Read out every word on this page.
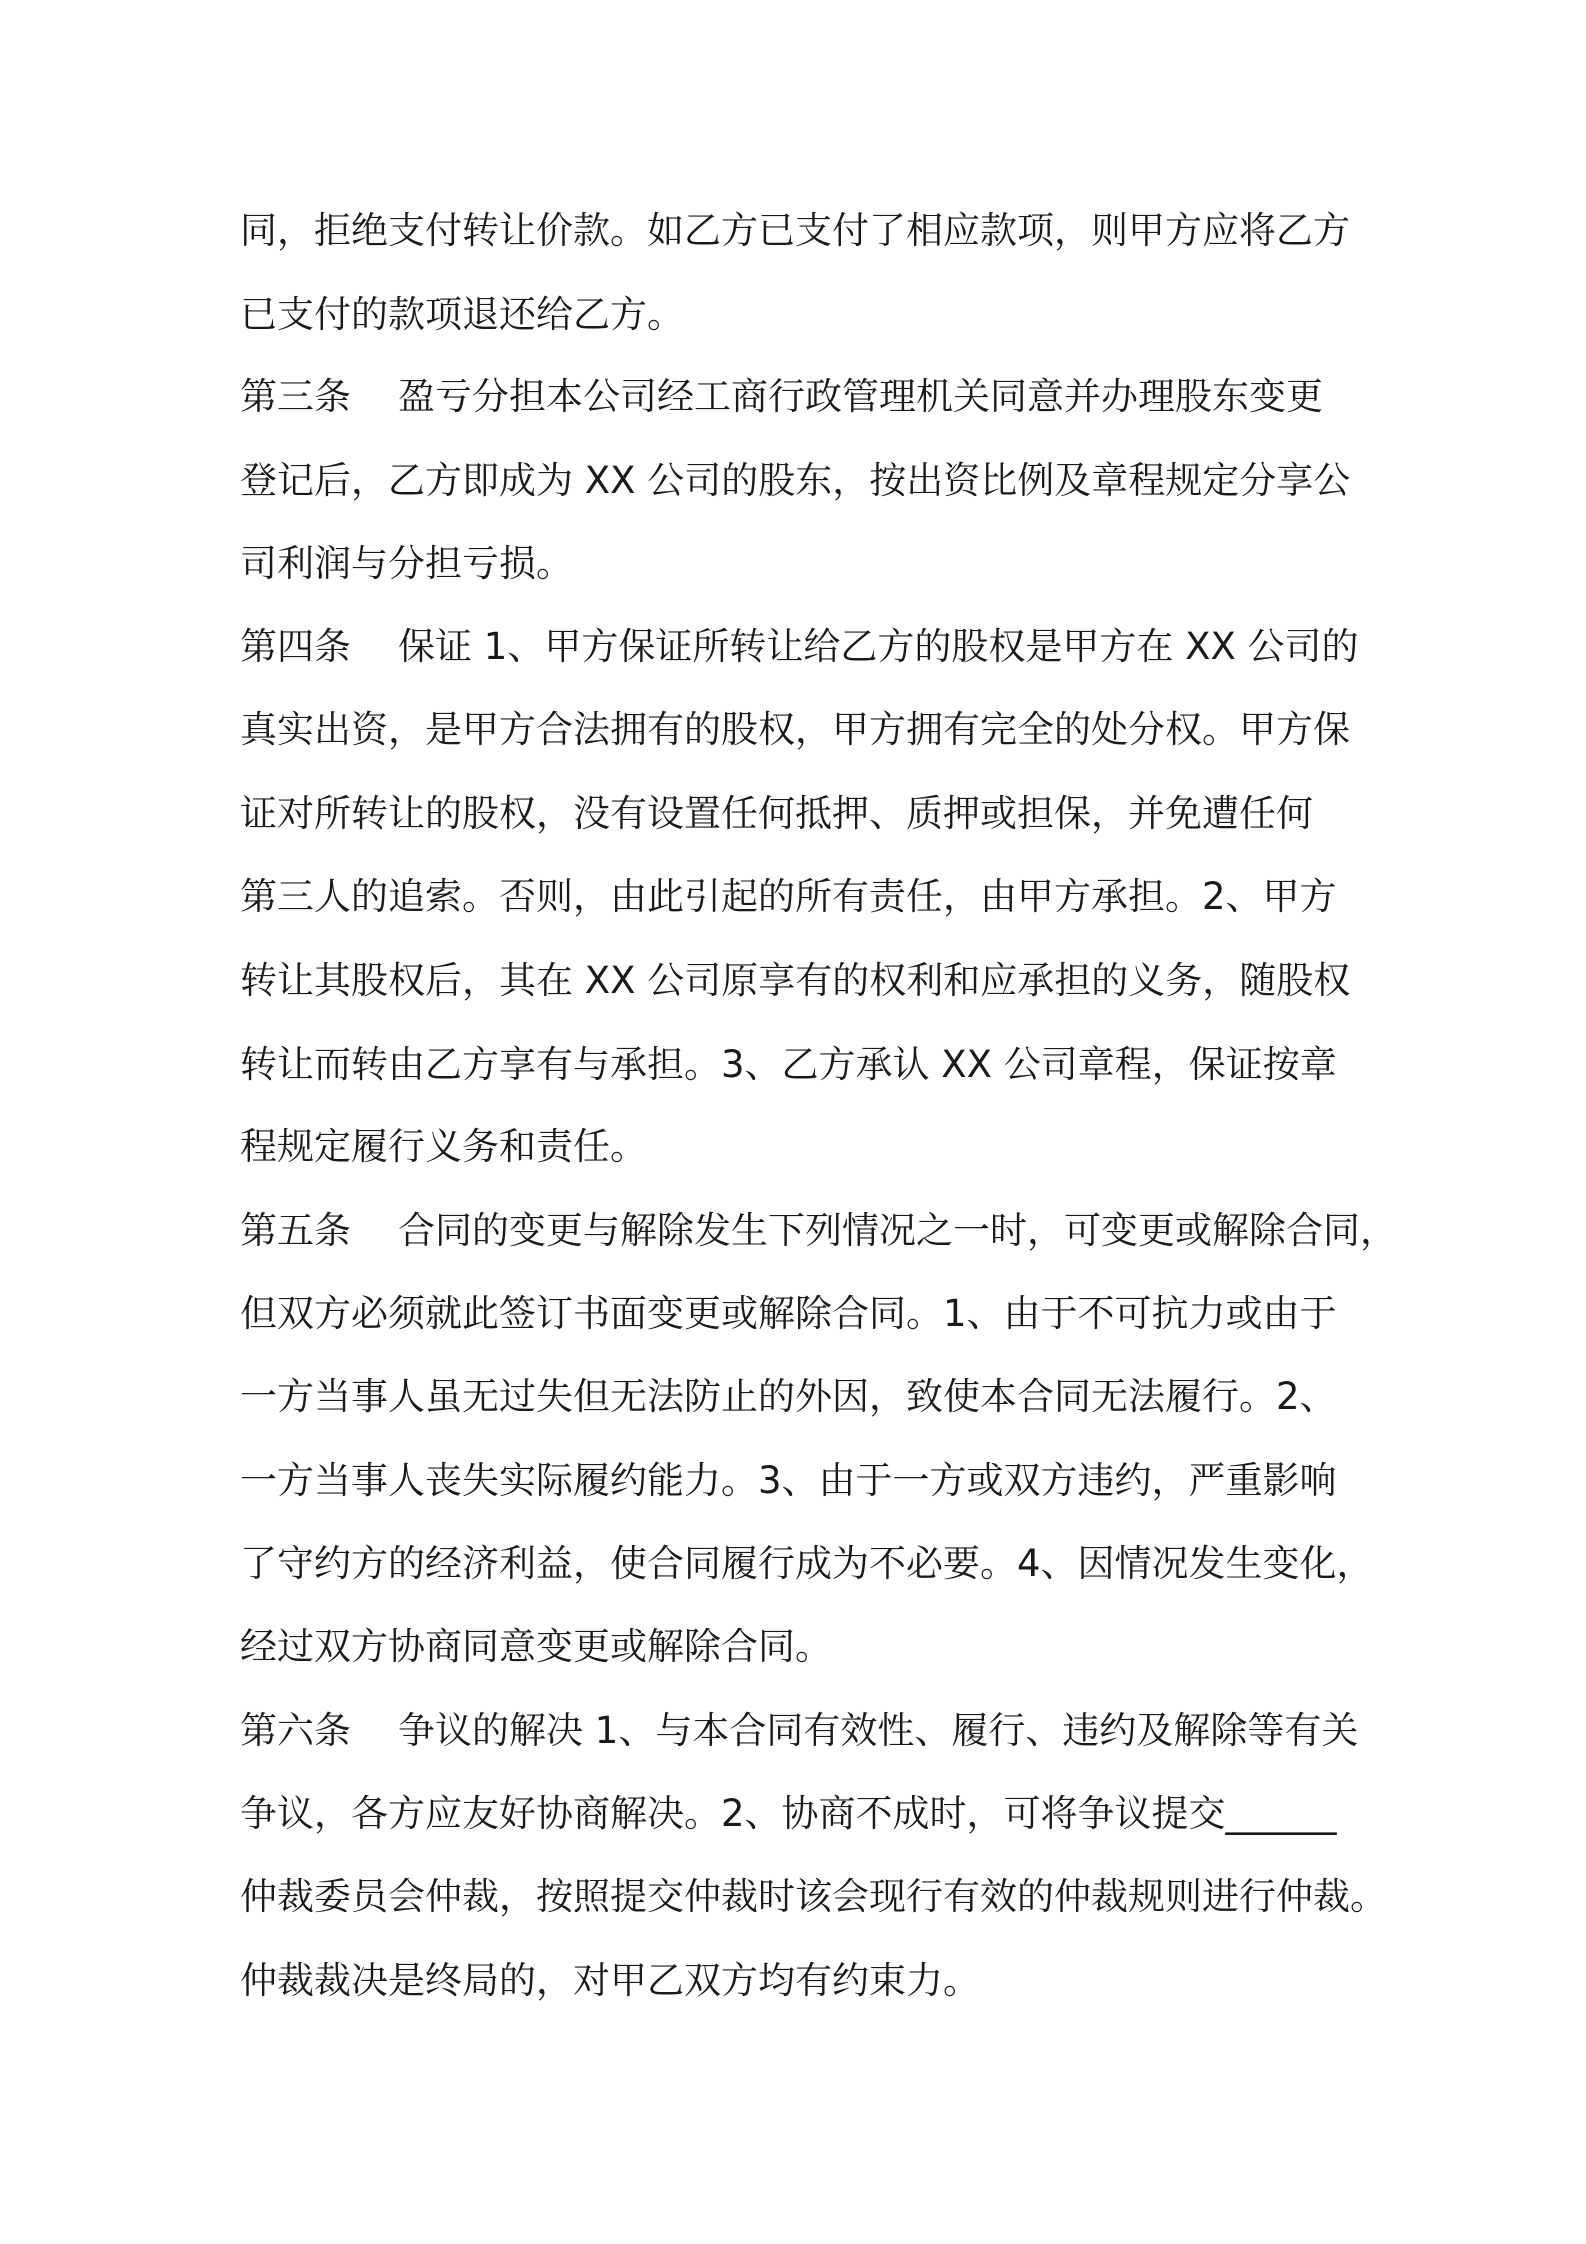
同，拒绝支付转让价款。如乙方已支付了相应款项，则甲方应将乙方
已支付的款项退还给乙方。
第三条    盈亏分担本公司经工商行政管理机关同意并办理股东变更
登记后，乙方即成为 XX 公司的股东，按出资比例及章程规定分享公
司利润与分担亏损。
第四条    保证 1、甲方保证所转让给乙方的股权是甲方在 XX 公司的
真实出资，是甲方合法拥有的股权，甲方拥有完全的处分权。甲方保
证对所转让的股权，没有设置任何抵押、质押或担保，并免遭任何
第三人的追索。否则，由此引起的所有责任，由甲方承担。2、甲方
转让其股权后，其在 XX 公司原享有的权利和应承担的义务，随股权
转让而转由乙方享有与承担。3、乙方承认 XX 公司章程，保证按章
程规定履行义务和责任。
第五条    合同的变更与解除发生下列情况之一时，可变更或解除合同，
但双方必须就此签订书面变更或解除合同。1、由于不可抗力或由于
一方当事人虽无过失但无法防止的外因，致使本合同无法履行。2、
一方当事人丧失实际履约能力。3、由于一方或双方违约，严重影响
了守约方的经济利益，使合同履行成为不必要。4、因情况发生变化，
经过双方协商同意变更或解除合同。
第六条    争议的解决 1、与本合同有效性、履行、违约及解除等有关
争议，各方应友好协商解决。2、协商不成时，可将争议提交______
仲裁委员会仲裁，按照提交仲裁时该会现行有效的仲裁规则进行仲裁。
仲裁裁决是终局的，对甲乙双方均有约束力。
